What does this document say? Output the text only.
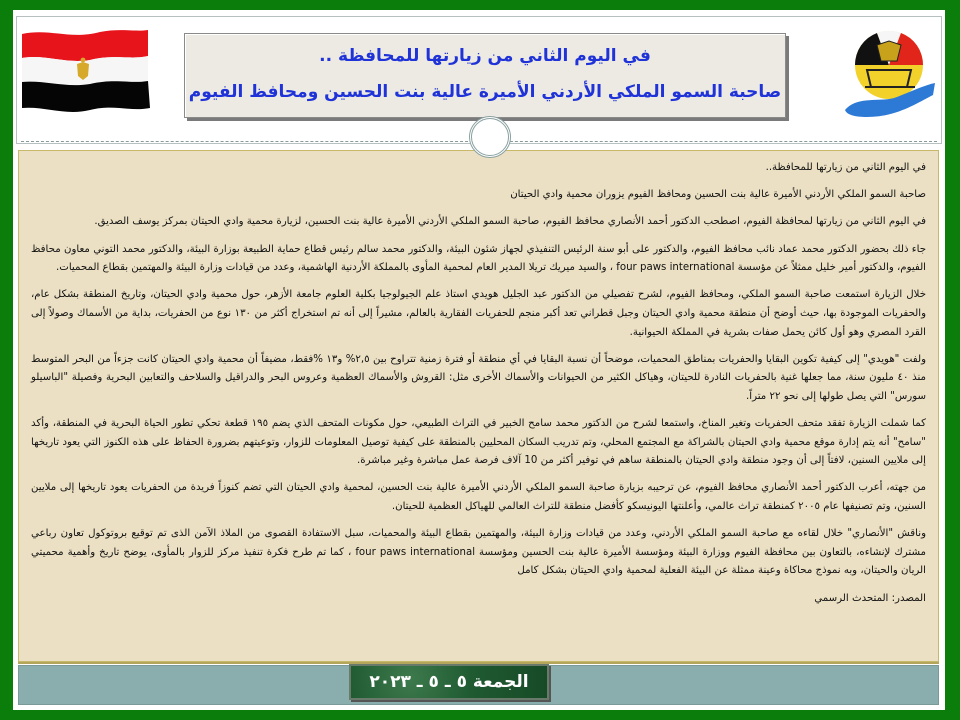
في اليوم الثاني من زيارتها للمحافظة ..
صاحبة السمو الملكي الأردني الأميرة عالية بنت الحسين ومحافظ الفيوم

في اليوم الثاني من زيارتها للمحافظة..

صاحبة السمو الملكي الأردني الأميرة عالية بنت الحسين ومحافظ الفيوم يزوران محمية وادي الحيتان

في اليوم الثاني من زيارتها لمحافظة الفيوم، اصطحب الدكتور أحمد الأنصاري محافظ الفيوم، صاحبة السمو الملكي الأردني الأميرة عالية بنت الحسين، لزيارة محمية وادي الحيتان بمركز يوسف الصديق.

جاء ذلك بحضور الدكتور محمد عماد نائب محافظ الفيوم، والدكتور على أبو سنة الرئيس التنفيذي لجهاز شئون البيئة، والدكتور محمد سالم رئيس قطاع حماية الطبيعة بوزارة البيئة، والدكتور محمد التوني معاون محافظ الفيوم، والدكتور أمير خليل ممثلاً عن مؤسسة four paws international ، والسيد ميريك تريلا المدير العام لمحمية المأوى بالمملكة الأردنية الهاشمية، وعدد من قيادات وزارة البيئة والمهتمين بقطاع المحميات.

خلال الزيارة استمعت صاحبة السمو الملكي، ومحافظ الفيوم، لشرح تفصيلي من الدكتور عبد الجليل هويدي استاذ علم الجيولوجيا بكلية العلوم جامعة الأزهر، حول محمية وادي الحيتان، وتاريخ المنطقة بشكل عام، والحفريات الموجودة بها، حيث أوضح أن منطقة محمية وادي الحيتان وجبل قطراني تعد أكبر منجم للحفريات الفقارية بالعالم، مشيراً إلى أنه تم استخراج أكثر من ١٣٠ نوع من الحفريات، بداية من الأسماك وصولاً إلى القرد المصري وهو أول كائن يحمل صفات بشرية في المملكة الحيوانية.

ولفت "هويدي" إلى كيفية تكوين البقايا والحفريات بمناطق المحميات، موضحاً أن نسبة البقايا في أي منطقة أو فترة زمنية تتراوح بين ٢,٥% و١٣ %فقط، مضيفاً أن محمية وادي الحيتان كانت جزءاً من البحر المتوسط منذ ٤٠ مليون سنة، مما جعلها غنية بالحفريات النادرة للحيتان، وهياكل الكثير من الحيوانات والأسماك الأخرى مثل: القروش والأسماك العظمية وعروس البحر والدراقيل والسلاحف والتعابين البحرية وفصيلة "الباسيلو سورس" التي يصل طولها إلى نحو ٢٢ متراً.

كما شملت الزيارة تفقد متحف الحفريات وتغير المناخ، واستمعا لشرح من الدكتور محمد سامح الخبير في التراث الطبيعي، حول مكونات المتحف الذي يضم ١٩٥ قطعة تحكي تطور الحياة البحرية في المنطقة، وأكد "سامح" أنه يتم إدارة موقع محمية وادي الحيتان بالشراكة مع المجتمع المحلي، وتم تدريب السكان المحليين بالمنطقة على كيفية توصيل المعلومات للزوار، وتوعيتهم بضرورة الحفاظ على هذه الكنوز التي يعود تاريخها إلى ملايين السنين، لافتاً إلى أن وجود منطقة وادي الحيتان بالمنطقة ساهم في توفير أكثر من 10 آلاف فرصة عمل مباشرة وغير مباشرة.

من جهته، أعرب الدكتور أحمد الأنصاري محافظ الفيوم، عن ترحيبه بزيارة صاحبة السمو الملكي الأردني الأميرة عالية بنت الحسين، لمحمية وادي الحيتان التي تضم كنوزاً فريدة من الحفريات يعود تاريخها إلى ملايين السنين، وتم تصنيفها عام ٢٠٠٥ كمنطقة تراث عالمي، وأعلنتها اليونيسكو كأفضل منطقة للتراث العالمي للهياكل العظمية للحيتان.

وناقش "الأنصاري" خلال لقاءه مع صاحبة السمو الملكي الأردني، وعدد من قيادات وزارة البيئة، والمهتمين بقطاع البيئة والمحميات، سبل الاستفادة القصوى من الملاذ الآمن الذى تم توقيع بروتوكول تعاون رباعي مشترك لإنشاءه، بالتعاون بين محافظة الفيوم ووزارة البيئة ومؤسسة الأميرة عالية بنت الحسين ومؤسسة four paws international ، كما تم طرح فكرة تنفيذ مركز للزوار بالمأوى، يوضح تاريخ وأهمية محميتي الريان والحيتان، وبه نموذج محاكاة وعينة ممثلة عن البيئة الفعلية لمحمية وادي الحيتان بشكل كامل

المصدر: المتحدث الرسمي

الجمعة ٥ ـ ٥ ـ ٢٠٢٣
